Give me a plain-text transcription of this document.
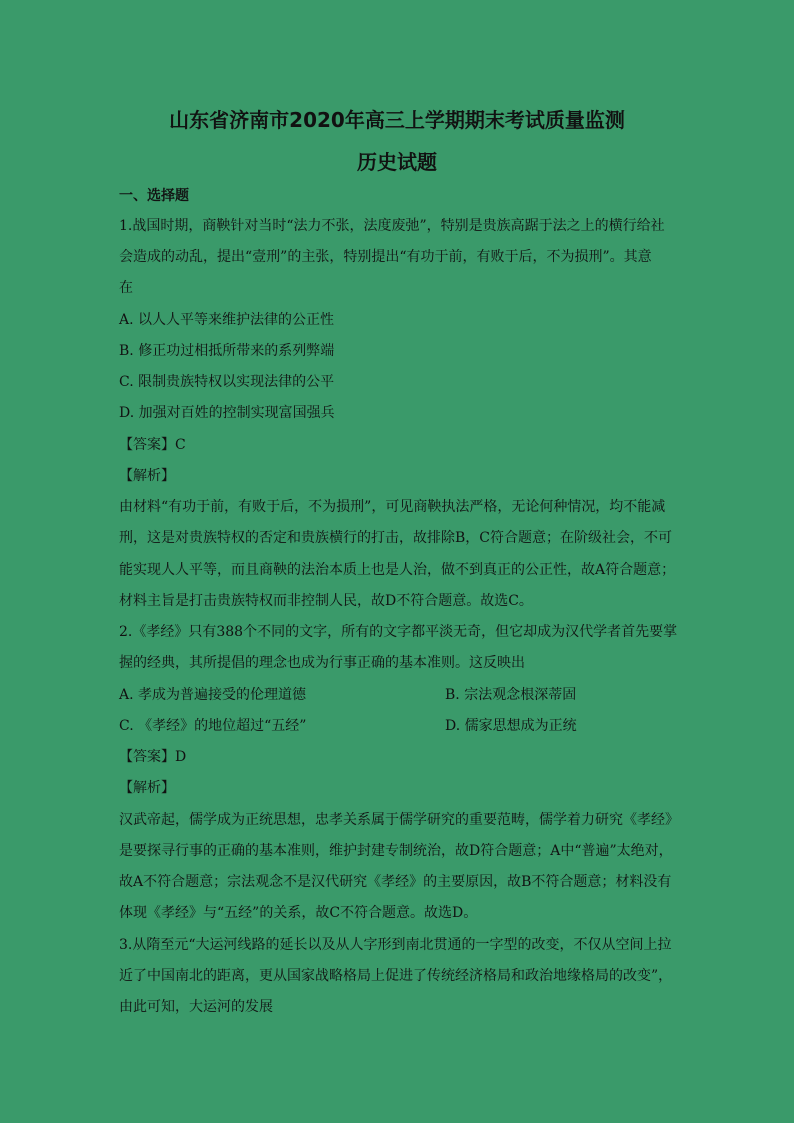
山东省济南市2020年高三上学期期末考试质量监测
历史试题
一、选择题
1.战国时期，商鞅针对当时“法力不张，法度废弛”，特别是贵族高踞于法之上的横行给社
会造成的动乱，提出“壹刑”的主张，特别提出“有功于前，有败于后，不为损刑”。其意
在
A. 以人人平等来维护法律的公正性
B. 修正功过相抵所带来的系列弊端
C. 限制贵族特权以实现法律的公平
D. 加强对百姓的控制实现富国强兵
【答案】C
【解析】
由材料“有功于前，有败于后，不为损刑”，可见商鞅执法严格，无论何种情况，均不能减
刑，这是对贵族特权的否定和贵族横行的打击，故排除B，C符合题意；在阶级社会，不可
能实现人人平等，而且商鞅的法治本质上也是人治，做不到真正的公正性，故A符合题意；
材料主旨是打击贵族特权而非控制人民，故D不符合题意。故选C。
2.《孝经》只有388个不同的文字，所有的文字都平淡无奇，但它却成为汉代学者首先要掌
握的经典，其所提倡的理念也成为行事正确的基本准则。这反映出
A. 孝成为普遍接受的伦理道德	B. 宗法观念根深蒂固
C. 《孝经》的地位超过“五经”	D. 儒家思想成为正统
【答案】D
【解析】
汉武帝起，儒学成为正统思想，忠孝关系属于儒学研究的重要范畴，儒学着力研究《孝经》
是要探寻行事的正确的基本准则，维护封建专制统治，故D符合题意；A中“普遍”太绝对，
故A不符合题意；宗法观念不是汉代研究《孝经》的主要原因，故B不符合题意；材料没有
体现《孝经》与“五经”的关系，故C不符合题意。故选D。
3.从隋至元“大运河线路的延长以及从人字形到南北贯通的一字型的改变，不仅从空间上拉
近了中国南北的距离，更从国家战略格局上促进了传统经济格局和政治地缘格局的改变”，
由此可知，大运河的发展
